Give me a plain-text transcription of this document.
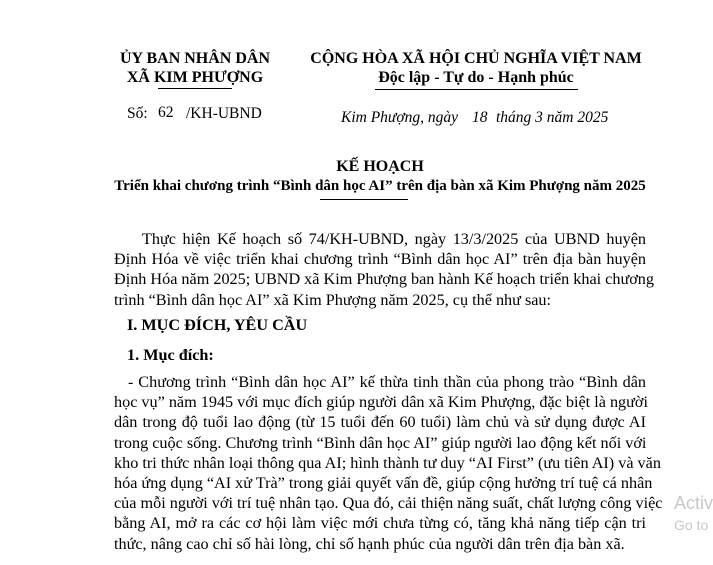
ỦY BAN NHÂN DÂN
XÃ KIM PHƯỢNG
Số: 62 /KH-UBND
CỘNG HÒA XÃ HỘI CHỦ NGHĨA VIỆT NAM
Độc lập - Tự do - Hạnh phúc
Kim Phượng, ngày 18 tháng 3 năm 2025
KẾ HOẠCH
Triển khai chương trình “Bình dân học AI” trên địa bàn xã Kim Phượng năm 2025
Thực hiện Kế hoạch số 74/KH-UBND, ngày 13/3/2025 của UBND huyện
Định Hóa về việc triển khai chương trình “Bình dân học AI” trên địa bàn huyện
Định Hóa năm 2025; UBND xã Kim Phượng ban hành Kế hoạch triển khai chương
trình “Bình dân học AI” xã Kim Phượng năm 2025, cụ thể như sau:
I. MỤC ĐÍCH, YÊU CẦU
1. Mục đích:
- Chương trình “Bình dân học AI” kế thừa tinh thần của phong trào “Bình dân
học vụ” năm 1945 với mục đích giúp người dân xã Kim Phượng, đặc biệt là người
dân trong độ tuổi lao động (từ 15 tuổi đến 60 tuổi) làm chủ và sử dụng được AI
trong cuộc sống. Chương trình “Bình dân học AI” giúp người lao động kết nối với
kho tri thức nhân loại thông qua AI; hình thành tư duy “AI First” (ưu tiên AI) và văn
hóa ứng dụng “AI xử Trà” trong giải quyết vấn đề, giúp cộng hưởng trí tuệ cá nhân
của mỗi người với trí tuệ nhân tạo. Qua đó, cải thiện năng suất, chất lượng công việc
bằng AI, mở ra các cơ hội làm việc mới chưa từng có, tăng khả năng tiếp cận tri
thức, nâng cao chỉ số hài lòng, chỉ số hạnh phúc của người dân trên địa bàn xã.
Activ
Go to
